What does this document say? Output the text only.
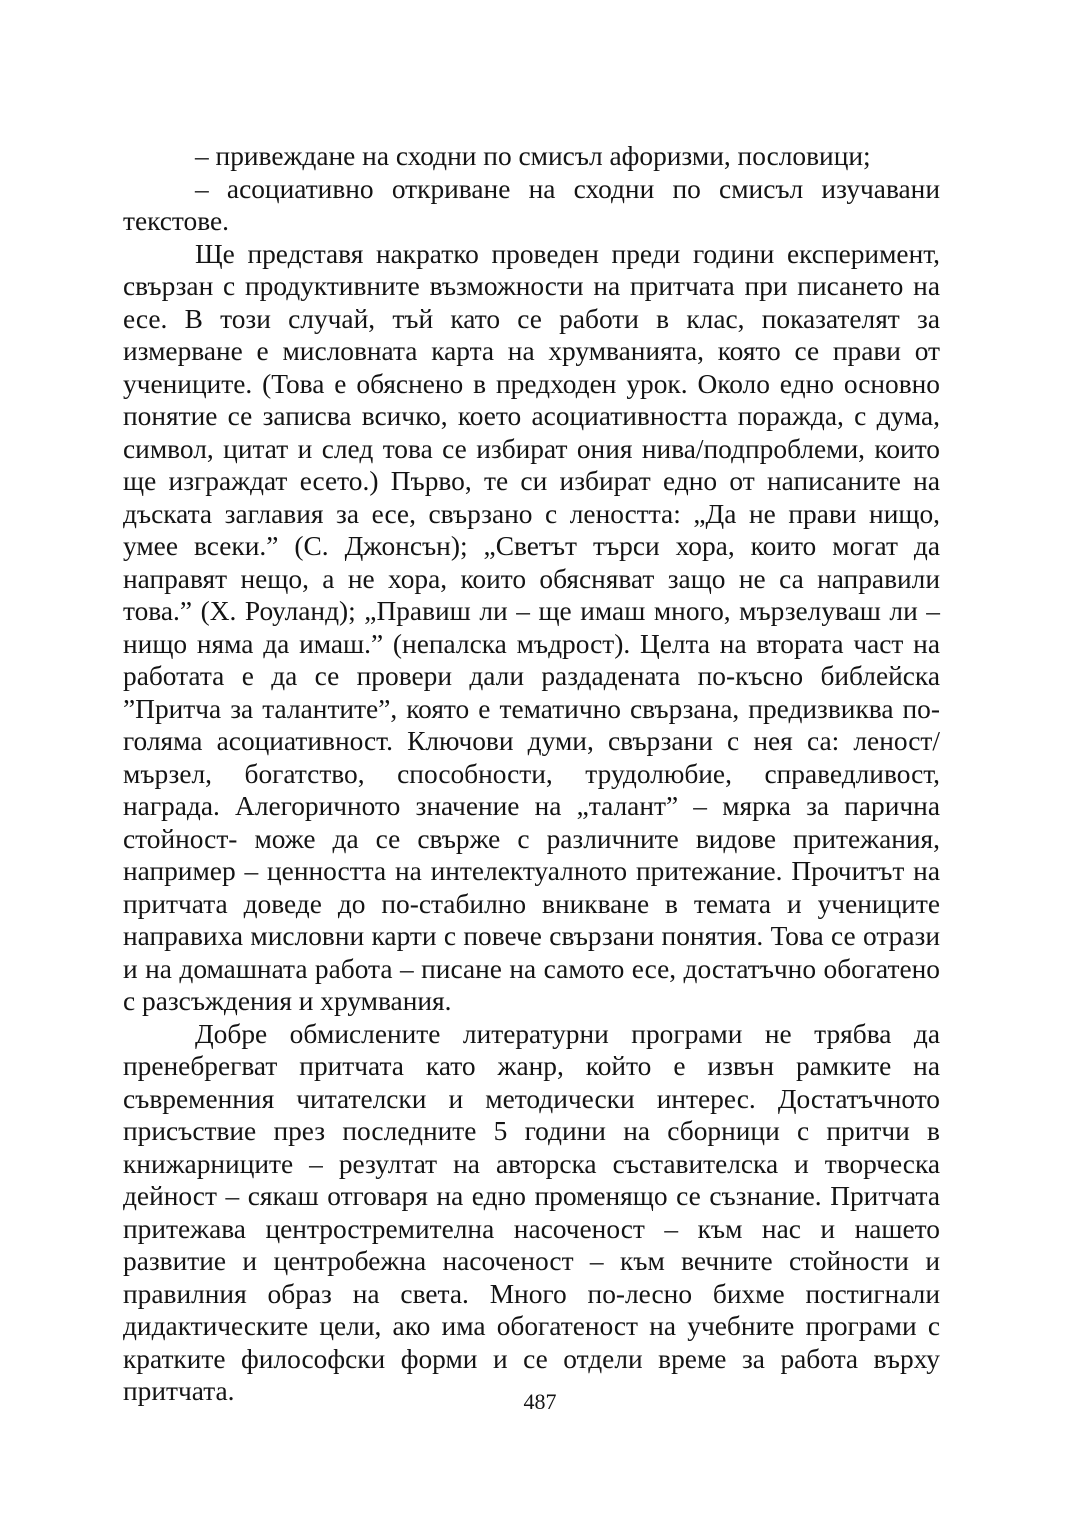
– привеждане на сходни по смисъл афоризми, пословици;

– асоциативно откриване на сходни по смисъл изучавани текстове.

Ще представя накратко проведен преди години експеримент, свързан с продуктивните възможности на притчата при писането на есе. В този случай, тъй като се работи в клас, показателят за измерване е мисловната карта на хрумванията, която се прави от учениците. (Това е обяснено в предходен урок. Около едно основно понятие се записва всичко, което асоциативността поражда, с дума, символ, цитат и след това се избират ония нива/подпроблеми, които ще изграждат есето.) Първо, те си избират едно от написаните на дъската заглавия за есе, свързано с леността: „Да не прави нищо, умее всеки.” (С. Джонсън); „Светът търси хора, които могат да направят нещо, а не хора, които обясняват защо не са направили това.” (Х. Роуланд); „Правиш ли – ще имаш много, мързелуваш ли – нищо няма да имаш.” (непалска мъдрост). Целта на втората част на работата е да се провери дали раздадената по-късно библейска ”Притча за талантите”, която е тематично свързана, предизвиква по-голяма асоциативност. Ключови думи, свързани с нея са: леност/мързел, богатство, способности, трудолюбие, справедливост, награда. Алегоричното значение на „талант” – мярка за парична стойност- може да се свърже с различните видове притежания, например – ценността на интелектуалното притежание. Прочитът на притчата доведе до по-стабилно вникване в темата и учениците направиха мисловни карти с повече свързани понятия. Това се отрази и на домашната работа – писане на самото есе, достатъчно обогатено с разсъждения и хрумвания.

Добре обмислените литературни програми не трябва да пренебрегват притчата като жанр, който е извън рамките на съвременния читателски и методически интерес. Достатъчното присъствие през последните 5 години на сборници с притчи в книжарниците – резултат на авторска съставителска и творческа дейност – сякаш отговаря на едно променящо се съзнание. Притчата притежава центростремителна насоченост – към нас и нашето развитие и центробежна насоченост – към вечните стойности и правилния образ на света. Много по-лесно бихме постигнали дидактическите цели, ако има обогатеност на учебните програми с кратките философски форми и се отдели време за работа върху притчата.	487
